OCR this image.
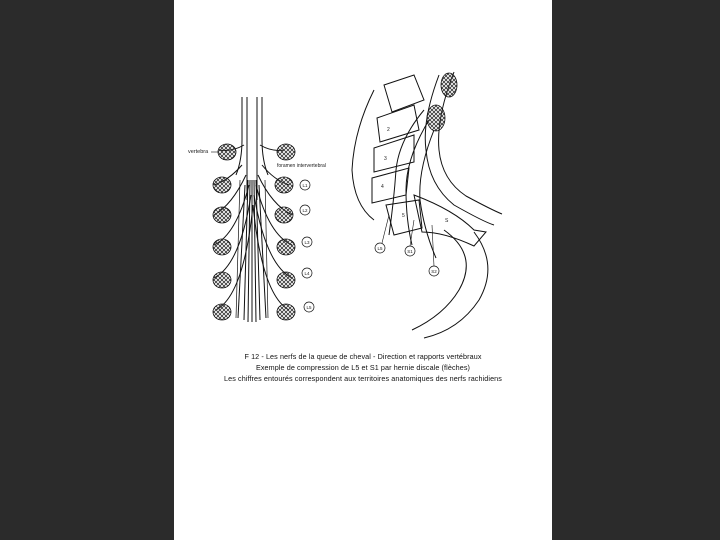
vertebra
foramen intervertebral
L1
L2
L3
L4
L5
2
3
4
5
S
L5
S1
S2
F 12 - Les nerfs de la queue de cheval - Direction et rapports vertébraux
Exemple de compression de L5 et S1 par hernie discale (flèches)
Les chiffres entourés correspondent aux territoires anatomiques des nerfs rachidiens
